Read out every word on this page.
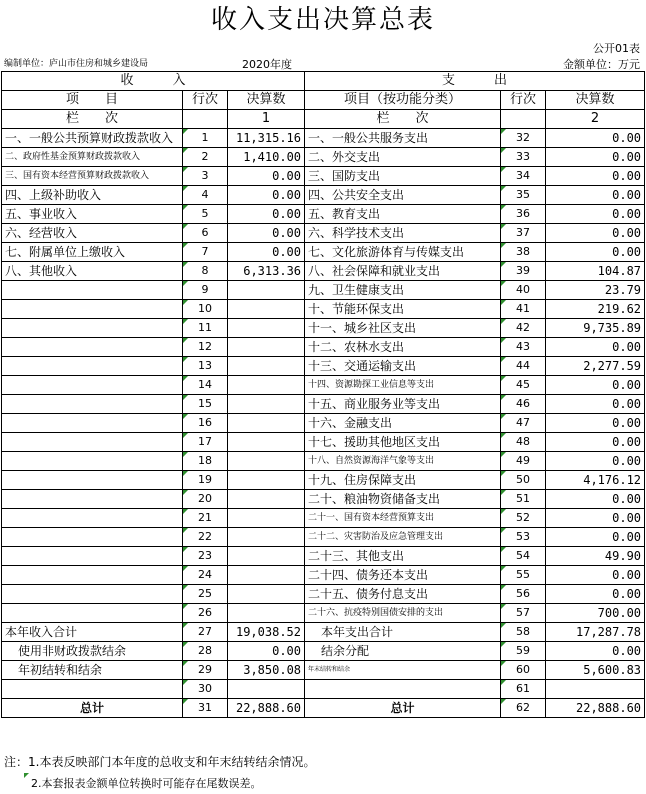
收入支出决算总表
公开01表
编制单位：庐山市住房和城乡建设局	2020年度	金额单位：万元
收　　　入			支　　　出		
项　　目	行次	决算数	项目（按功能分类）	行次	决算数
栏　　次		1	栏　　次		2
一、一般公共预算财政拨款收入	1	11,315.16	一、一般公共服务支出	32	0.00
二、政府性基金预算财政拨款收入	2	1,410.00	二、外交支出	33	0.00
三、国有资本经营预算财政拨款收入	3	0.00	三、国防支出	34	0.00
四、上级补助收入	4	0.00	四、公共安全支出	35	0.00
五、事业收入	5	0.00	五、教育支出	36	0.00
六、经营收入	6	0.00	六、科学技术支出	37	0.00
七、附属单位上缴收入	7	0.00	七、文化旅游体育与传媒支出	38	0.00
八、其他收入	8	6,313.36	八、社会保障和就业支出	39	104.87
	9		九、卫生健康支出	40	23.79
	10		十、节能环保支出	41	219.62
	11		十一、城乡社区支出	42	9,735.89
	12		十二、农林水支出	43	0.00
	13		十三、交通运输支出	44	2,277.59
	14		十四、资源勘探工业信息等支出	45	0.00
	15		十五、商业服务业等支出	46	0.00
	16		十六、金融支出	47	0.00
	17		十七、援助其他地区支出	48	0.00
	18		十八、自然资源海洋气象等支出	49	0.00
	19		十九、住房保障支出	50	4,176.12
	20		二十、粮油物资储备支出	51	0.00
	21		二十一、国有资本经营预算支出	52	0.00
	22		二十二、灾害防治及应急管理支出	53	0.00
	23		二十三、其他支出	54	49.90
	24		二十四、债务还本支出	55	0.00
	25		二十五、债务付息支出	56	0.00
	26		二十六、抗疫特别国债安排的支出	57	700.00
本年收入合计	27	19,038.52	本年支出合计	58	17,287.78
使用非财政拨款结余	28	0.00	结余分配	59	0.00
年初结转和结余	29	3,850.08	年末结转和结余	60	5,600.83
	30			61	
总计	31	22,888.60	总计	62	22,888.60
注：1.本表反映部门本年度的总收支和年末结转结余情况。
2.本套报表金额单位转换时可能存在尾数误差。
